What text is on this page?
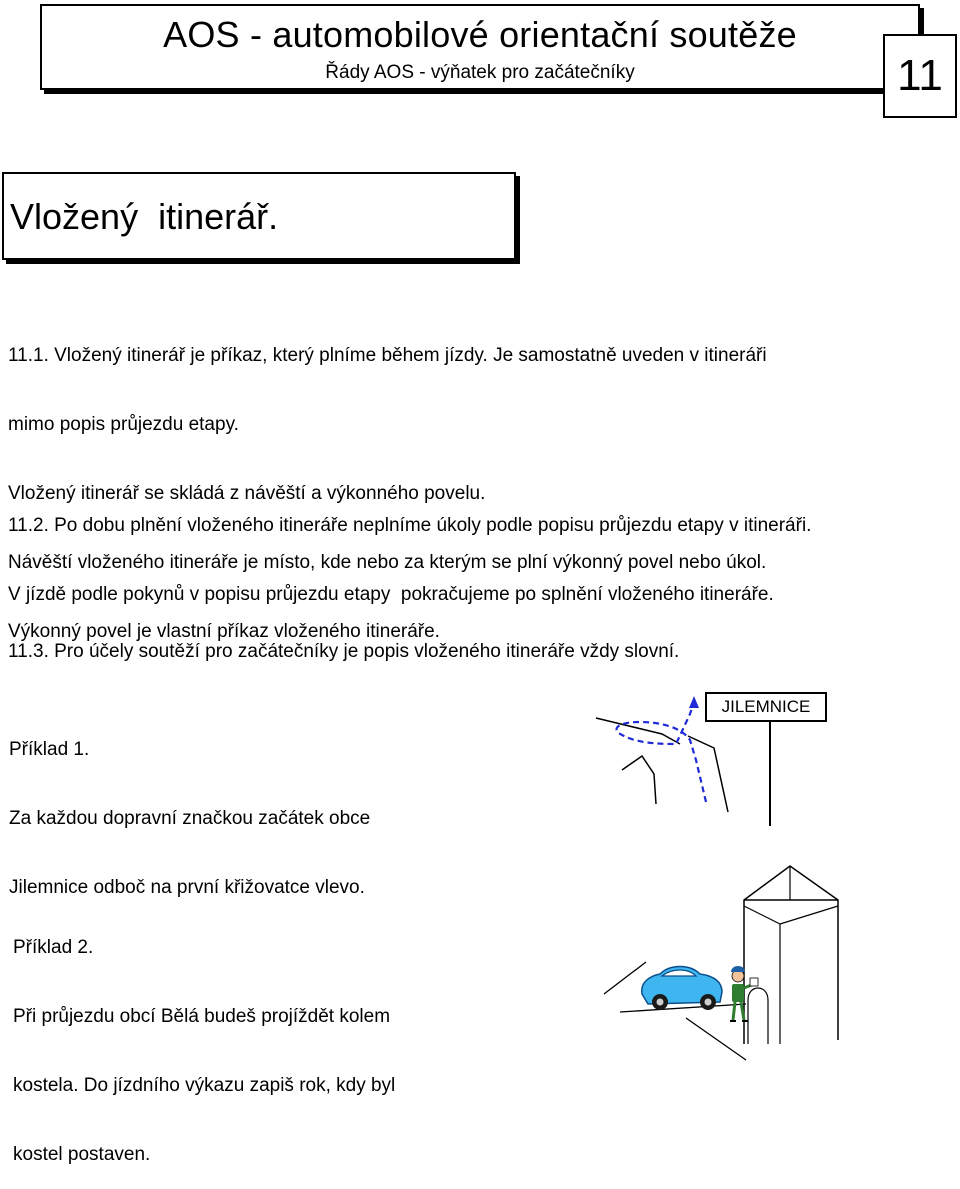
AOS - automobilové orientační soutěže
Řády AOS - výňatek pro začátečníky	11
Vložený  itinerář.

11.1. Vložený itinerář je příkaz, který plníme během jízdy. Je samostatně uveden v itineráři

mimo popis průjezdu etapy.

Vložený itinerář se skládá z návěští a výkonného povelu.

Návěští vloženého itineráře je místo, kde nebo za kterým se plní výkonný povel nebo úkol.

Výkonný povel je vlastní příkaz vloženého itineráře.

11.2. Po dobu plnění vloženého itineráře neplníme úkoly podle popisu průjezdu etapy v itineráři.

V jízdě podle pokynů v popisu průjezdu etapy  pokračujeme po splnění vloženého itineráře.

11.3. Pro účely soutěží pro začátečníky je popis vloženého itineráře vždy slovní.

Příklad 1.

Za každou dopravní značkou začátek obce

Jilemnice odboč na první křižovatce vlevo.

JILEMNICE

Příklad 2.

Při průjezdu obcí Bělá budeš projíždět kolem

kostela. Do jízdního výkazu zapiš rok, kdy byl

kostel postaven.
